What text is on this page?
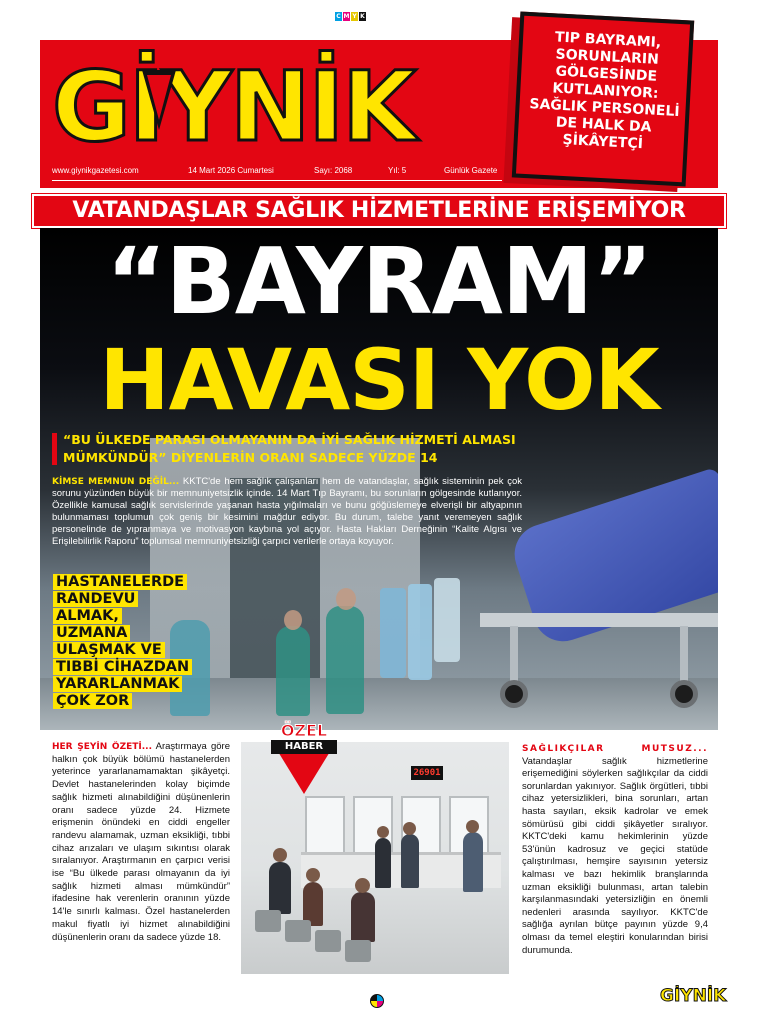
C M Y K
GİYNİK
www.giynikgazetesi.com	14 Mart 2026 Cumartesi	Sayı: 2068	Yıl: 5	Günlük Gazete
TIP BAYRAMI, SORUNLARIN GÖLGESİNDE KUTLANIYOR: SAĞLIK PERSONELİ DE HALK DA ŞİKÂYETÇİ
VATANDAŞLAR SAĞLIK HİZMETLERİNE ERİŞEMİYOR
“BAYRAM”
HAVASI YOK
“BU ÜLKEDE PARASI OLMAYANIN DA İYİ SAĞLIK HİZMETİ ALMASI MÜMKÜNDÜR” DİYENLERİN ORANI SADECE YÜZDE 14
KİMSE MEMNUN DEĞİL... KKTC'de hem sağlık çalışanları hem de vatandaşlar, sağlık sisteminin pek çok sorunu yüzünden büyük bir memnuniyetsizlik içinde. 14 Mart Tıp Bayramı, bu sorunların gölgesinde kutlanıyor. Özellikle kamusal sağlık servislerinde yaşanan hasta yığılmaları ve bunu göğüslemeye elverişli bir altyapının bulunmaması toplumun çok geniş bir kesimini mağdur ediyor. Bu durum, talebe yanıt veremeyen sağlık personelinde de yıpranmaya ve motivasyon kaybına yol açıyor. Hasta Hakları Derneğinin “Kalite Algısı ve Erişilebilirlik Raporu” toplumsal memnuniyetsizliği çarpıcı verilerle ortaya koyuyor.
HASTANELERDE RANDEVU ALMAK, UZMANA ULAŞMAK VE TIBBİ CİHAZDAN YARARLANMAK ÇOK ZOR
HER ŞEYİN ÖZETİ... Araştırmaya göre halkın çok büyük bölümü hastanelerden yeterince yararlanamamaktan şikâyetçi. Devlet hastanelerinden kolay biçimde sağlık hizmeti alınabildiğini düşünenlerin oranı sadece yüzde 24. Hizmete erişmenin önündeki en ciddi engeller randevu alamamak, uzman eksikliği, tıbbi cihaz arızaları ve ulaşım sıkıntısı olarak sıralanıyor. Araştırmanın en çarpıcı verisi ise “Bu ülkede parası olmayanın da iyi sağlık hizmeti alması mümkündür” ifadesine hak verenlerin oranının yüzde 14'le sınırlı kalması. Özel hastanelerden makul fiyatlı iyi hizmet alınabildiğini düşünenlerin oranı da sadece yüzde 18.
26901
ÖZEL
HABER	SAĞLIKÇILAR MUTSUZ... Vatandaşlar sağlık hizmetlerine erişemediğini söylerken sağlıkçılar da ciddi sorunlardan yakınıyor. Sağlık örgütleri, tıbbi cihaz yetersizlikleri, bina sorunları, artan hasta sayıları, eksik kadrolar ve emek sömürüsü gibi ciddi şikâyetler sıralıyor. KKTC'deki kamu hekimlerinin yüzde 53'ünün kadrosuz ve geçici statüde çalıştırılması, hemşire sayısının yetersiz kalması ve bazı hekimlik branşlarında uzman eksikliği bulunması, artan talebin karşılanmasındaki yetersizliğin en önemli nedenleri arasında sayılıyor. KKTC'de sağlığa ayrılan bütçe payının yüzde 9,4 olması da temel eleştiri konularından birisi durumunda.
GİYNİK
